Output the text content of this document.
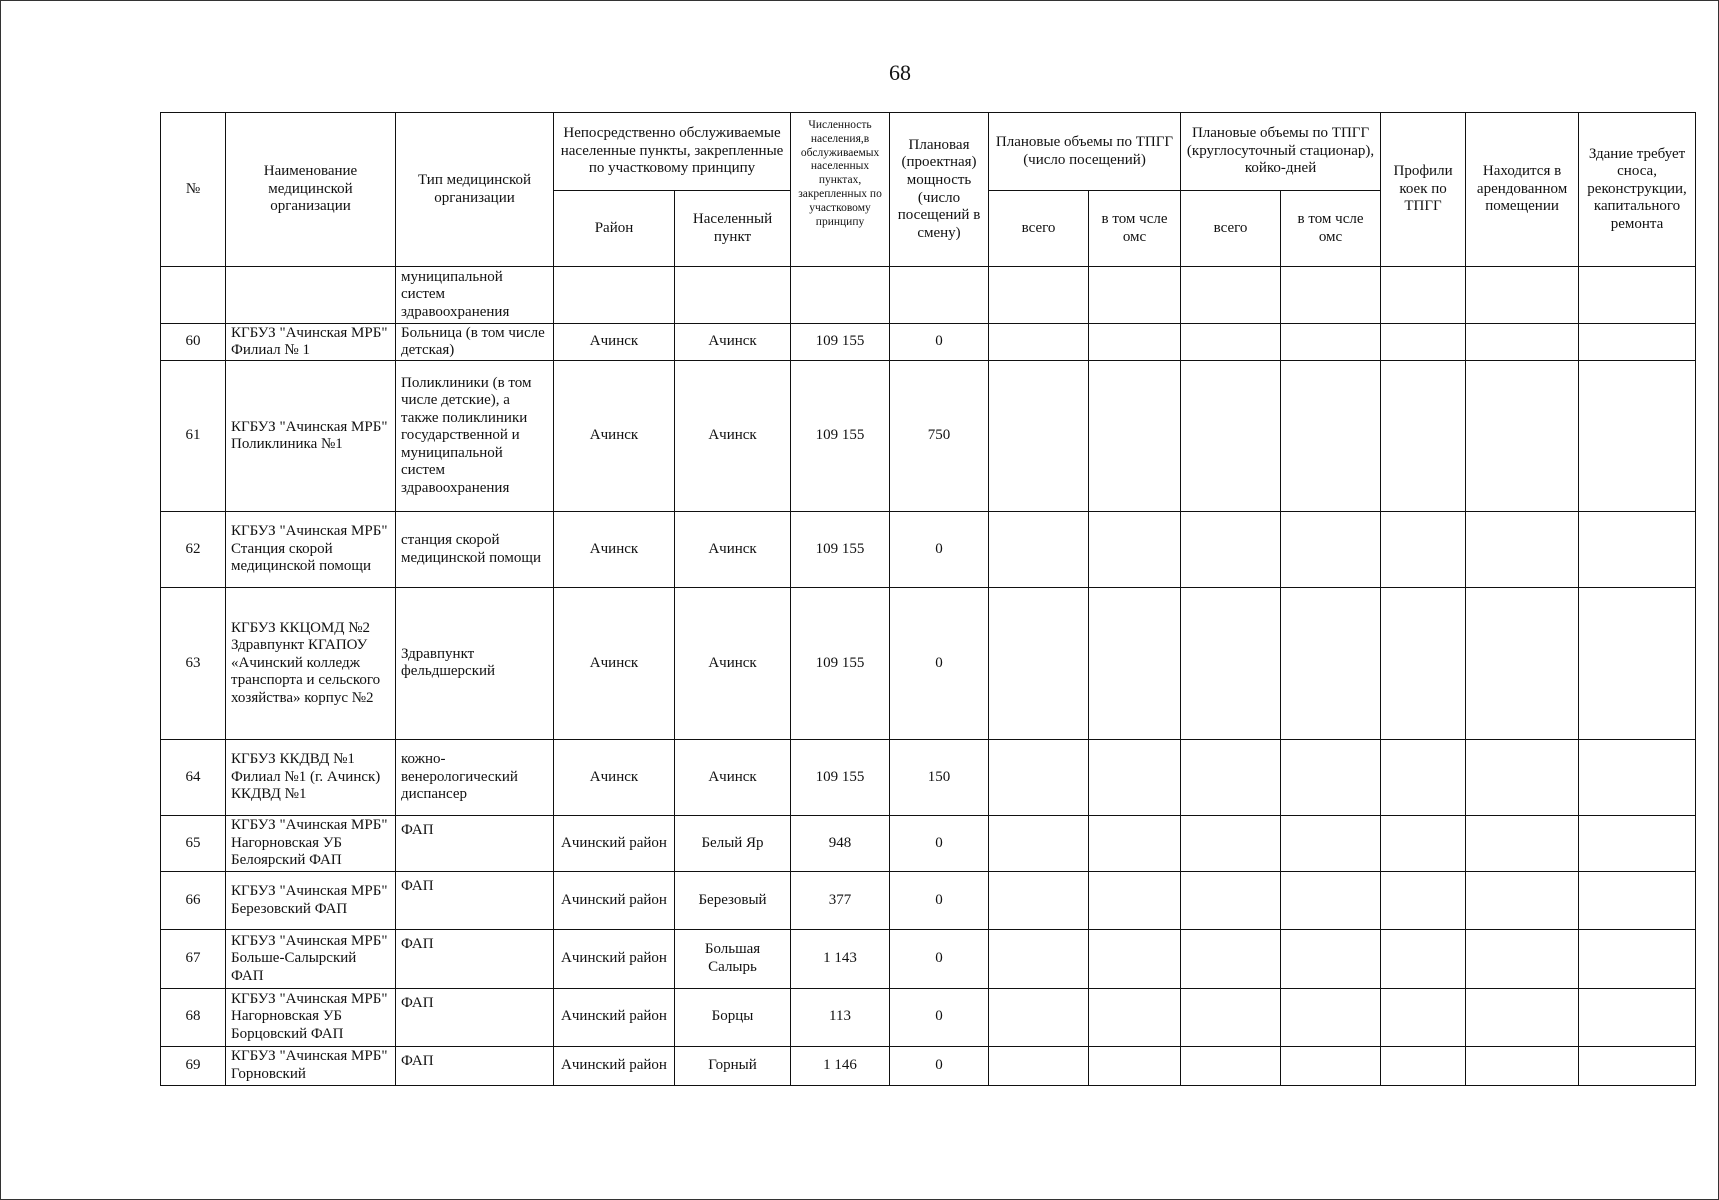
68
№	Наименование медицинской организации	Тип медицинской организации	Непосредственно обслуживаемые населенные пункты, закрепленные по участковому принципу		Численность населения,в обслуживаемых населенных пунктах, закрепленных по участковому принципу	Плановая (проектная) мощность (число посещений в смену)	Плановые объемы по ТПГГ (число посещений)		Плановые объемы по ТПГГ (круглосуточный стационар), койко-дней		Профили коек по ТПГГ	Находится в арендованном помещении	Здание требует сноса, реконструкции, капитального ремонта
			Район	Населенный пункт			всего	в том чсле омс	всего	в том чсле омс			
		муниципальной систем здравоохранения											
60	КГБУЗ "Ачинская МРБ" Филиал № 1	Больница (в том числе детская)	Ачинск	Ачинск	109 155	0							
61	КГБУЗ "Ачинская МРБ" Поликлиника №1	Поликлиники (в том числе детские), а также поликлиники государственной и муниципальной систем здравоохранения	Ачинск	Ачинск	109 155	750							
62	КГБУЗ "Ачинская МРБ" Станция скорой медицинской помощи	станция скорой медицинской помощи	Ачинск	Ачинск	109 155	0							
63	КГБУЗ ККЦОМД №2 Здравпункт КГАПОУ «Ачинский колледж транспорта и сельского хозяйства» корпус №2	Здравпункт фельдшерский	Ачинск	Ачинск	109 155	0							
64	КГБУЗ ККДВД №1 Филиал №1 (г. Ачинск) ККДВД №1	кожно-венерологический диспансер	Ачинск	Ачинск	109 155	150							
65	КГБУЗ "Ачинская МРБ" Нагорновская УБ Белоярский ФАП	ФАП	Ачинский район	Белый Яр	948	0							
66	КГБУЗ "Ачинская МРБ" Березовский ФАП	ФАП	Ачинский район	Березовый	377	0							
67	КГБУЗ "Ачинская МРБ" Больше-Салырский ФАП	ФАП	Ачинский район	Большая Салырь	1 143	0							
68	КГБУЗ "Ачинская МРБ" Нагорновская УБ Борцовский ФАП	ФАП	Ачинский район	Борцы	113	0							
69	КГБУЗ "Ачинская МРБ" Горновский	ФАП	Ачинский район	Горный	1 146	0							
